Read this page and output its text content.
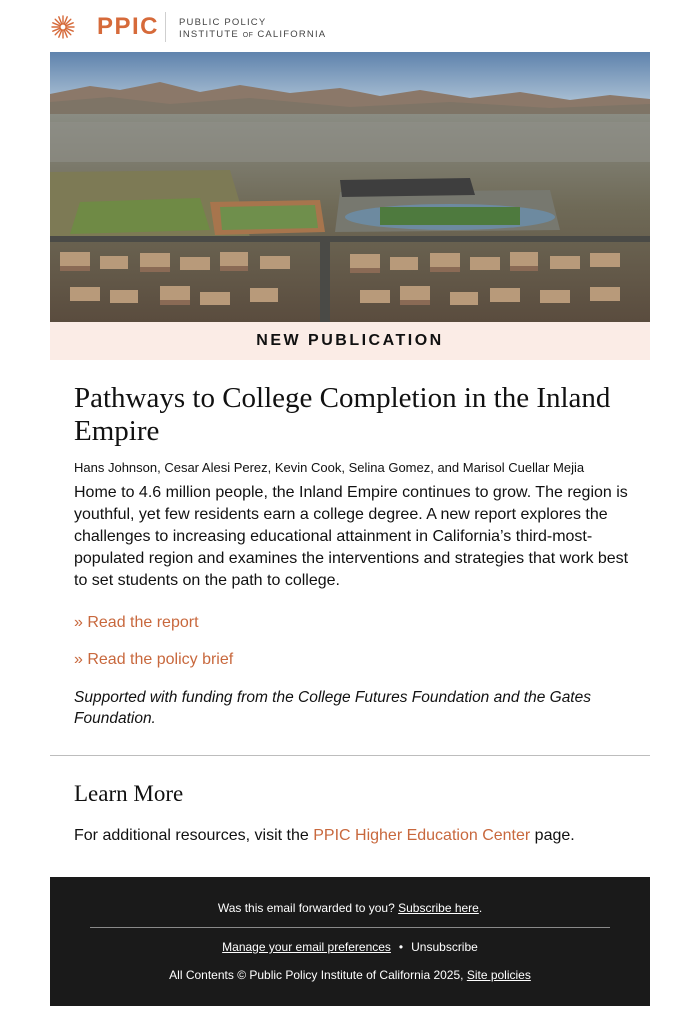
PPIC PUBLIC POLICY
INSTITUTE OF CALIFORNIA
NEW PUBLICATION
Pathways to College Completion in the Inland Empire

Hans Johnson, Cesar Alesi Perez, Kevin Cook, Selina Gomez, and Marisol Cuellar Mejia

Home to 4.6 million people, the Inland Empire continues to grow. The region is youthful, yet few residents earn a college degree. A new report explores the challenges to increasing educational attainment in California’s third-most-populated region and examines the interventions and strategies that work best to set students on the path to college.

» Read the report
» Read the policy brief

Supported with funding from the College Futures Foundation and the Gates Foundation.

Learn More

For additional resources, visit the PPIC Higher Education Center page.

Was this email forwarded to you? Subscribe here.
Manage your email preferences • Unsubscribe
All Contents © Public Policy Institute of California 2025, Site policies
